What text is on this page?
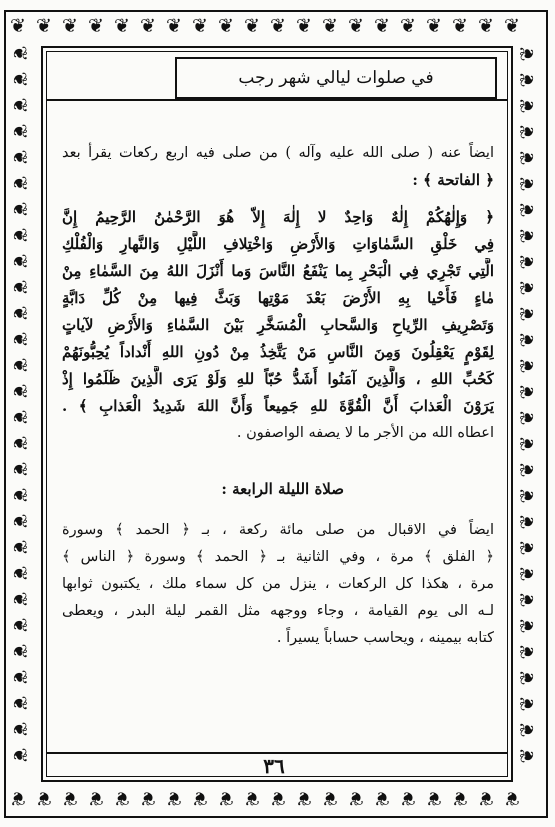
❦
❦
❦
❦
❦
❦
❦
❦
❦
❦
❦
❦
❦
❦
❦
❦
❦
❦
❦
❦
❦
❦
❦
❦
❦
❦
❦
❦
❦
❦
❦
❦
❦
❦
❦
❦
❦
❦
❦
❦
❦	❦
❦	❦
❦	❦
❦	❦
❦	❦
❦	❦
❦	❦
❦	❦
❦	❦
❦	❦
❦	❦
❦	❦
❦	❦
❦	❦
❦	❦
❦	❦
❦	❦
❦	❦
❦	❦
❦	❦
❦	❦
❦	❦
❦	❦
❦	❦
❦	❦
❦	❦
❦	❦
❦	❦
في صلوات ليالي شهر رجب
ايضاً عنه ( صلى الله عليه وآله ) من صلى فيه اربع ركعات يقرأ بعد
﴿ الفاتحة ﴾ :
﴿ وَإِلٰهُكُمْ إِلٰهٌ وَاحِدٌ لا إِلٰهَ إِلاّ هُوَ الرَّحْمٰنُ الرَّحِيمُ إِنَّ
فِي خَلْقِ السَّمٰاوَاتِ وَالأَرْضِ وَاخْتِلافِ اللَّيْلِ وَالنَّهارِ وَالْفُلْكِ
الَّتِي تَجْرِي فِي الْبَحْرِ بِما يَنْفَعُ النَّاسَ وَما أَنْزَلَ اللهُ مِنَ السَّمٰاءِ مِنْ
مٰاءٍ فَأَحْيا بِهِ الأَرْضَ بَعْدَ مَوْتِها وَبَثَّ فِيها مِنْ كُلِّ دَابَّةٍ
وَتَصْرِيفِ الرِّياحِ وَالسَّحابِ الْمُسَخَّرِ بَيْنَ السَّمٰاءِ وَالأَرْضِ لآياتٍ
لِقَوْمٍ يَعْقِلُونَ وَمِنَ النَّاسِ مَنْ يَتَّخِذُ مِنْ دُونِ اللهِ أَنْداداً يُحِبُّونَهُمْ
كَحُبِّ اللهِ ، وَالَّذِينَ آمَنُوا أَشَدُّ حُبّاً للهِ وَلَوْ يَرَى الَّذِينَ ظَلَمُوا إِذْ
يَرَوْنَ الْعَذابَ أَنَّ الْقُوَّةَ للهِ جَمِيعاً وَأَنَّ اللهَ شَدِيدُ الْعَذابِ ﴾ .
اعطاه الله من الأجر ما لا يصفه الواصفون .
صلاة الليلة الرابعة :
ايضاً في الاقبال من صلى مائة ركعة ، بـ ﴿ الحمد ﴾ وسورة
﴿ الفلق ﴾ مرة ، وفي الثانية بـ ﴿ الحمد ﴾ وسورة ﴿ الناس ﴾
مرة ، هكذا كل الركعات ، ينزل من كل سماء ملك ، يكتبون ثوابها
لـه الى يوم القيامة ، وجاء ووجهه مثل القمر ليلة البدر ، ويعطى
كتابه بيمينه ، ويحاسب حساباً يسيراً .
٣٦
